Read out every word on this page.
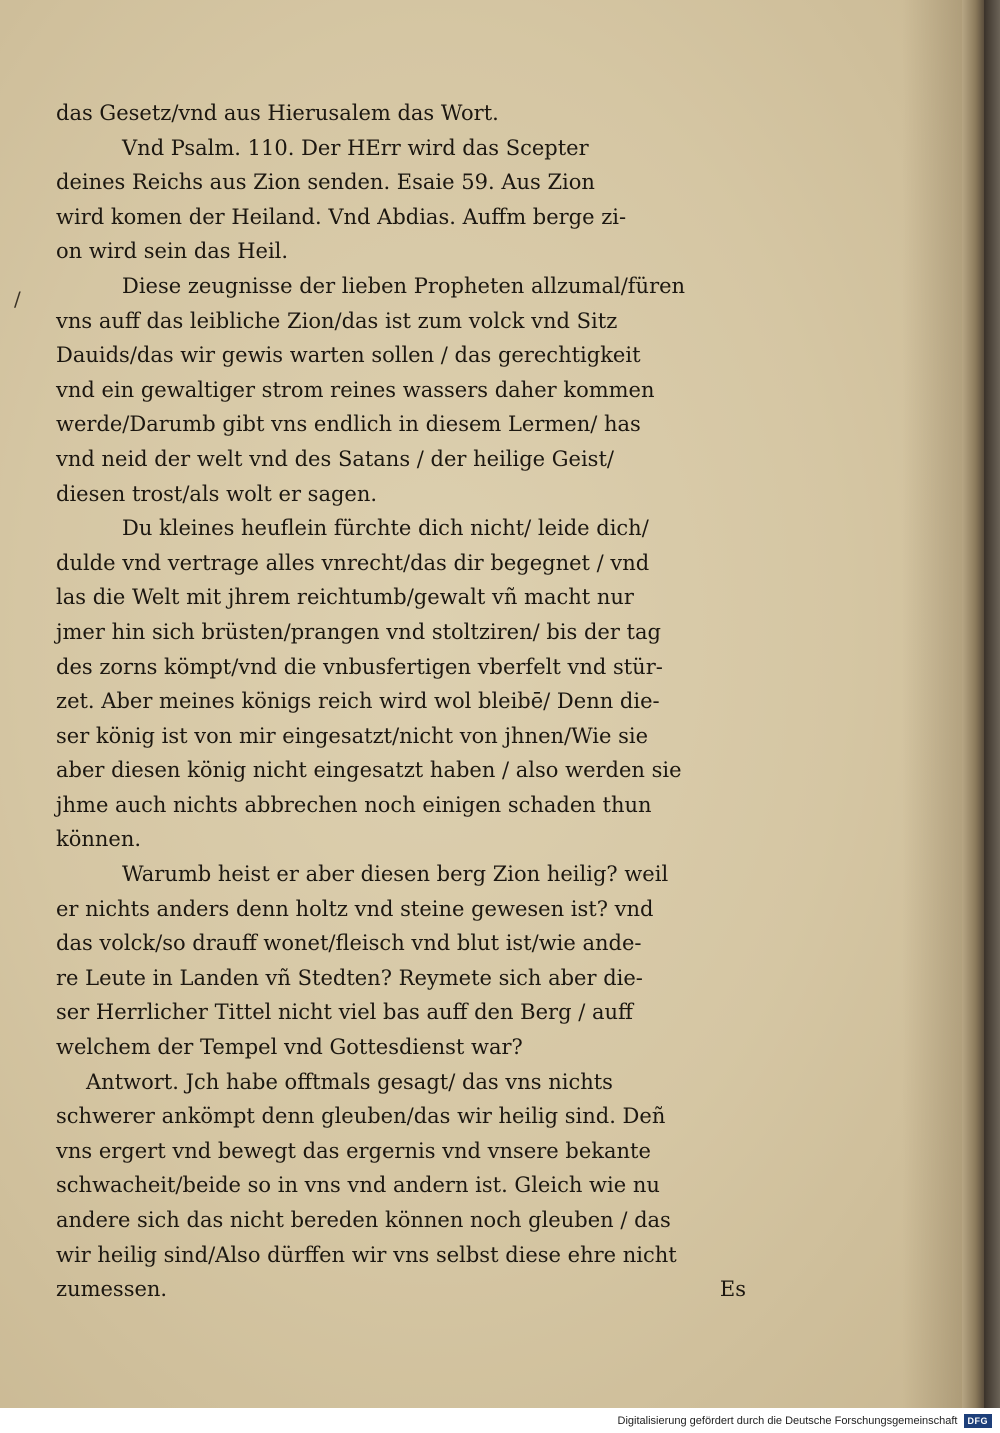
/
das Gesetz/vnd aus Hierusalem das Wort.
Vnd Psalm. 110. Der HErr wird das Scepter
deines Reichs aus Zion senden. Esaie 59. Aus Zion
wird komen der Heiland. Vnd Abdias. Auffm berge zi-
on wird sein das Heil.
Diese zeugnisse der lieben Propheten allzumal/füren
vns auff das leibliche Zion/das ist zum volck vnd Sitz
Dauids/das wir gewis warten sollen / das gerechtigkeit
vnd ein gewaltiger strom reines wassers daher kommen
werde/Darumb gibt vns endlich in diesem Lermen/ has
vnd neid der welt vnd des Satans / der heilige Geist/
diesen trost/als wolt er sagen.
Du kleines heuflein fürchte dich nicht/ leide dich/
dulde vnd vertrage alles vnrecht/das dir begegnet / vnd
las die Welt mit jhrem reichtumb/gewalt vñ macht nur
jmer hin sich brüsten/prangen vnd stoltziren/ bis der tag
des zorns kömpt/vnd die vnbusfertigen vberfelt vnd stür-
zet. Aber meines königs reich wird wol bleibē/ Denn die-
ser könig ist von mir eingesatzt/nicht von jhnen/Wie sie
aber diesen könig nicht eingesatzt haben / also werden sie
jhme auch nichts abbrechen noch einigen schaden thun
können.
Warumb heist er aber diesen berg Zion heilig? weil
er nichts anders denn holtz vnd steine gewesen ist? vnd
das volck/so drauff wonet/fleisch vnd blut ist/wie ande-
re Leute in Landen vñ Stedten? Reymete sich aber die-
ser Herrlicher Tittel nicht viel bas auff den Berg / auff
welchem der Tempel vnd Gottesdienst war?
Antwort. Jch habe offtmals gesagt/ das vns nichts
schwerer ankömpt denn gleuben/das wir heilig sind. Deñ
vns ergert vnd bewegt das ergernis vnd vnsere bekante
schwacheit/beide so in vns vnd andern ist. Gleich wie nu
andere sich das nicht bereden können noch gleuben / das
wir heilig sind/Also dürffen wir vns selbst diese ehre nicht
zumessen.	Es
Digitalisierung gefördert durch die Deutsche Forschungsgemeinschaft	DFG
